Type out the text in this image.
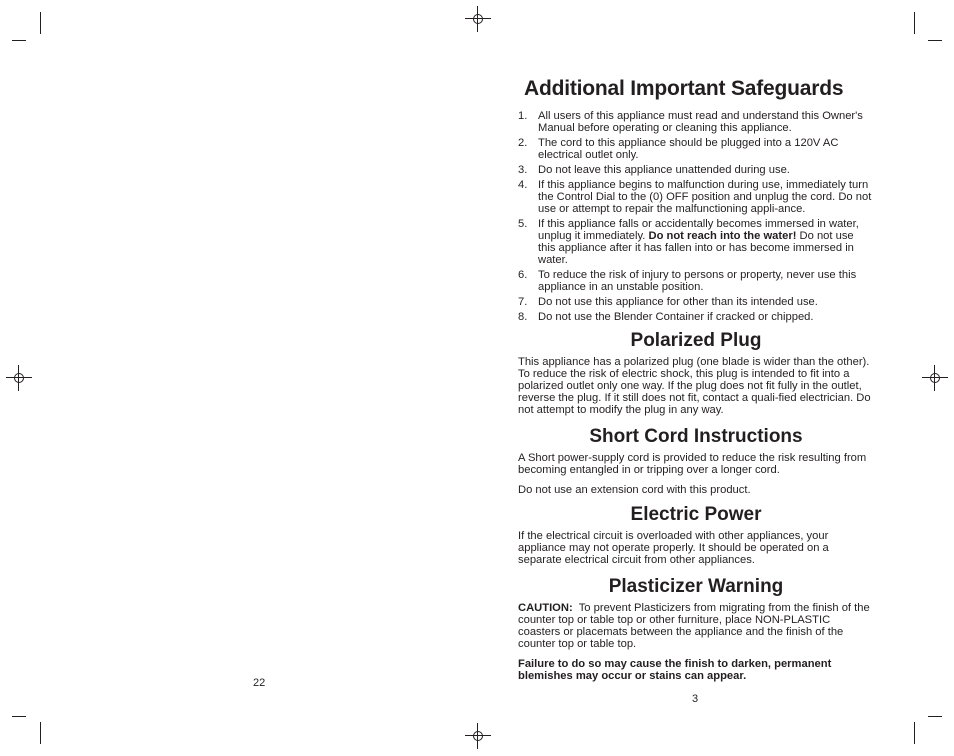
22
3
Additional Important Safeguards
1. All users of this appliance must read and understand this Owner's Manual before operating or cleaning this appliance.
2. The cord to this appliance should be plugged into a 120V AC electrical outlet only.
3. Do not leave this appliance unattended during use.
4. If this appliance begins to malfunction during use, immediately turn the Control Dial to the (0) OFF position and unplug the cord. Do not use or attempt to repair the malfunctioning appli-ance.
5. If this appliance falls or accidentally becomes immersed in water, unplug it immediately. Do not reach into the water! Do not use this appliance after it has fallen into or has become immersed in water.
6. To reduce the risk of injury to persons or property, never use this appliance in an unstable position.
7. Do not use this appliance for other than its intended use.
8. Do not use the Blender Container if cracked or chipped.
Polarized Plug

This appliance has a polarized plug (one blade is wider than the other). To reduce the risk of electric shock, this plug is intended to fit into a polarized outlet only one way. If the plug does not fit fully in the outlet, reverse the plug. If it still does not fit, contact a quali-fied electrician. Do not attempt to modify the plug in any way.

Short Cord Instructions

A Short power-supply cord is provided to reduce the risk resulting from becoming entangled in or tripping over a longer cord.

Do not use an extension cord with this product.

Electric Power

If the electrical circuit is overloaded with other appliances, your appliance may not operate properly. It should be operated on a separate electrical circuit from other appliances.

Plasticizer Warning

CAUTION: To prevent Plasticizers from migrating from the finish of the counter top or table top or other furniture, place NON-PLASTIC coasters or placemats between the appliance and the finish of the counter top or table top.

Failure to do so may cause the finish to darken, permanent blemishes may occur or stains can appear.
